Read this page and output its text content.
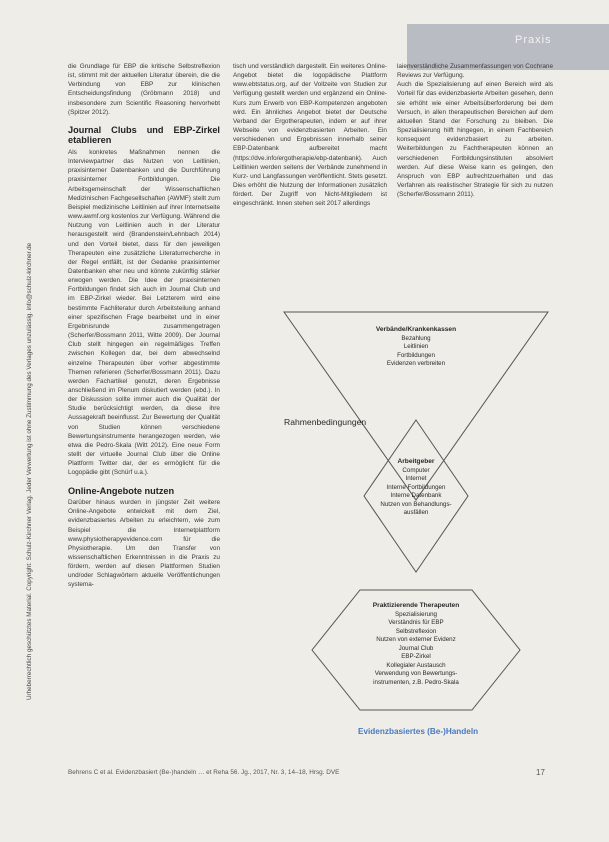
Praxis
Urheberrechtlich geschütztes Material. Copyright: Schulz-Kirchner Verlag. Jeder Verwertung ist ohne Zustimmung des Verlages unzulässig. info@schulz-kirchner.de

die Grundlage für EBP die kritische Selbstreflexion ist, stimmt mit der aktuellen Literatur überein, die die Verbindung von EBP zur klinischen Entscheidungsfindung (Gröbmann 2018) und insbesondere zum Scientific Reasoning hervorhebt (Spitzer 2012).

Journal Clubs und EBP-Zirkel etablieren

Als konkretes Maßnahmen nennen die Interviewpartner das Nutzen von Leitlinien, praxisinterner Datenbanken und die Durchführung praxisinterner Fortbildungen. Die Arbeitsgemeinschaft der Wissenschaftlichen Medizinischen Fachgesellschaften (AWMF) stellt zum Beispiel medizinische Leitlinien auf ihrer Internetseite www.awmf.org kostenlos zur Verfügung. Während die Nutzung von Leitlinien auch in der Literatur herausgestellt wird (Brandenstein/Lehnbach 2014) und den Vorteil bietet, dass für den jeweiligen Therapeuten eine zusätzliche Literaturrecherche in der Regel entfällt, ist der Gedanke praxisinterner Datenbanken eher neu und könnte zukünftig stärker erwogen werden. Die Idee der praxisinternen Fortbildungen findet sich auch im Journal Club und im EBP-Zirkel wieder. Bei Letzterem wird eine bestimmte Fachliteratur durch Arbeitsteilung anhand einer spezifischen Frage bearbeitet und in einer Ergebnisrunde zusammengetragen (Scherfer/Bossmann 2011, Witte 2009). Der Journal Club stellt hingegen ein regelmäßiges Treffen zwischen Kollegen dar, bei dem abwechselnd einzelne Therapeuten über vorher abgestimmte Themen referieren (Scherfer/Bossmann 2011). Dazu werden Fachartikel genutzt, deren Ergebnisse anschließend im Plenum diskutiert werden (ebd.). In der Diskussion sollte immer auch die Qualität der Studie berücksichtigt werden, da diese ihre Aussagekraft beeinflusst. Zur Bewertung der Qualität von Studien können verschiedene Bewertungsinstrumente herangezogen werden, wie etwa die Pedro-Skala (Witt 2012). Eine neue Form stellt der virtuelle Journal Club über die Online Plattform Twitter dar, der es ermöglicht für die Logopädie gibt (Schürf u.a.).

Online-Angebote nutzen

Darüber hinaus wurden in jüngster Zeit weitere Online-Angebote entwickelt mit dem Ziel, evidenzbasiertes Arbeiten zu erleichtern, wie zum Beispiel die Internetplattform www.physiotherapyevidence.com für die Physiotherapie. Um den Transfer von wissenschaftlichen Erkenntnissen in die Praxis zu fördern, werden auf diesen Plattformen Studien und/oder Schlagwörtern aktuelle Veröffentlichungen systema-

tisch und verständlich dargestellt. Ein weiteres Online-Angebot bietet die logopädische Plattform www.ebtstatus.org, auf der Vollzeite von Studien zur Verfügung gestellt werden und ergänzend ein Online-Kurs zum Erwerb von EBP-Kompetenzen angeboten wird. Ein ähnliches Angebot bietet der Deutsche Verband der Ergotherapeuten, indem er auf ihrer Webseite von evidenzbasierten Arbeiten. Ein verschiedenen und Ergebnissen innerhalb seiner EBP-Datenbank aufbereitet macht (https://dve.info/ergotherapie/ebp-datenbank). Auch Leitlinien werden seitens der Verbände zunehmend in Kurz- und Langfassungen veröffentlicht. Stets gesetzt. Dies erhöht die Nutzung der Informationen zusätzlich fördert. Der Zugriff von Nicht-Mitgliedern ist eingeschränkt. Innen stehen seit 2017 allerdings

laienverständliche Zusammenfassungen von Cochrane Reviews zur Verfügung.

Auch die Spezialisierung auf einen Bereich wird als Vorteil für das evidenzbasierte Arbeiten gesehen, denn sie erhöht wie einer Arbeitsüberforderung bei dem Versuch, in allen therapeutischen Bereichen auf dem aktuellen Stand der Forschung zu bleiben. Die Spezialisierung hilft hingegen, in einem Fachbereich konsequent evidenzbasiert zu arbeiten. Weiterbildungen zu Fachtherapeuten können an verschiedenen Fortbildungsinstituten absolviert werden. Auf diese Weise kann es gelingen, den Anspruch von EBP aufrechtzuerhalten und das Verfahren als realistischer Strategie für sich zu nutzen (Scherfer/Bossmann 2011).

Verbände/Krankenkassen
Bezahlung
Leitlinien
Fortbildungen
Evidenzen verbreiten
Rahmenbedingungen
Arbeitgeber
Computer
Internet
Interne Fortbildungen
Interne Datenbank
Nutzen von Behandlungs-
ausfällen
Praktizierende Therapeuten
Spezialisierung
Verständnis für EBP
Selbstreflexion
Nutzen von externer Evidenz
Journal Club
EBP-Zirkel
Kollegialer Austausch
Verwendung von Bewertungs-
instrumenten, z.B. Pedro-Skala
Evidenzbasiertes (Be-)Handeln
Behrens C et al. Evidenzbasiert (Be-)handeln … et Reha 56. Jg., 2017, Nr. 3, 14–18, Hrsg. DVE	17
